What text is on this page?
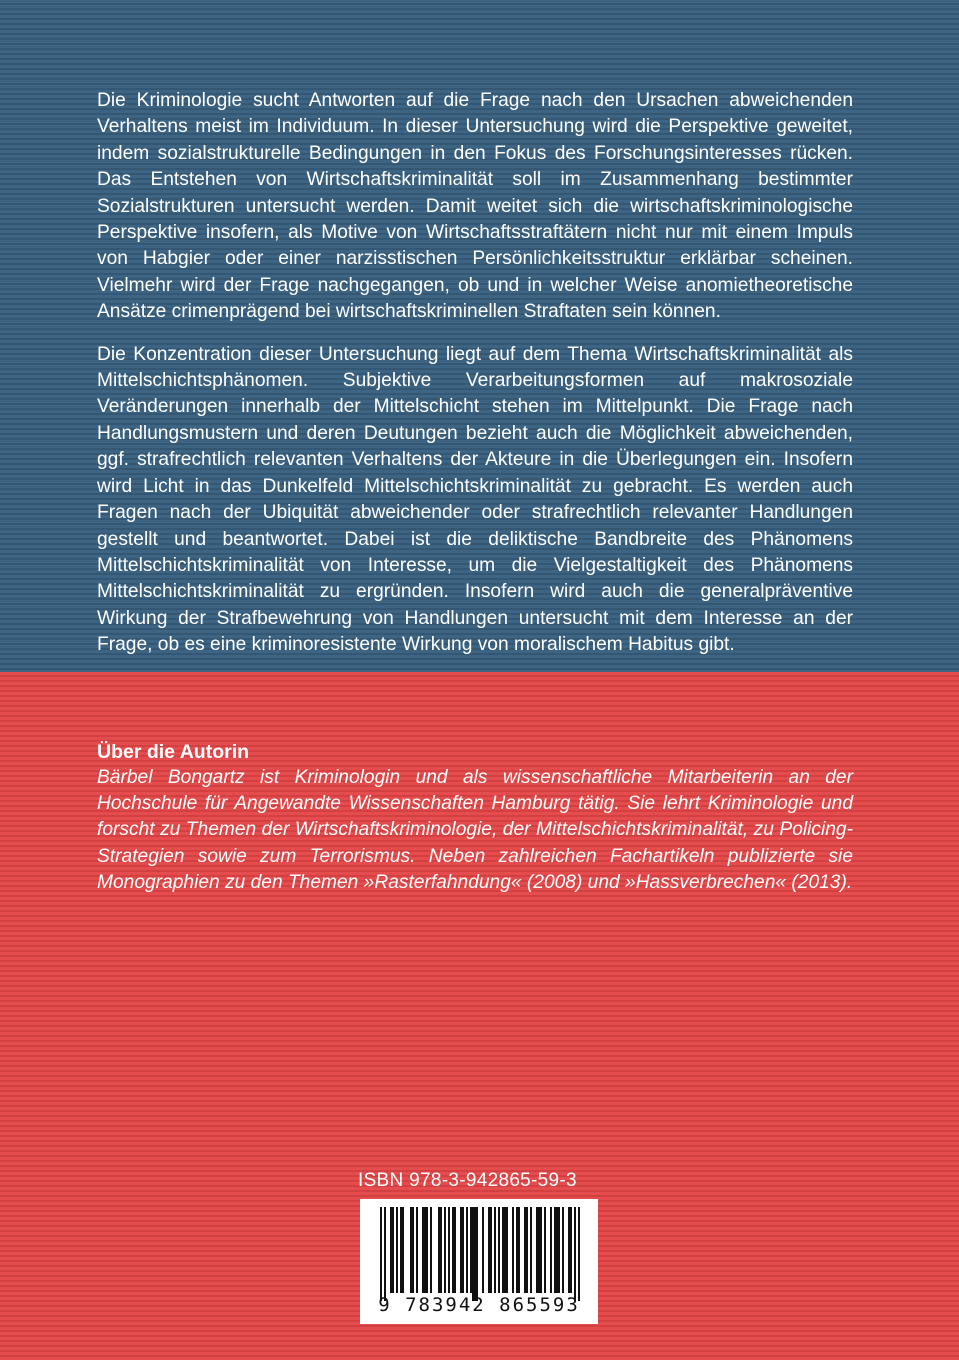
Die Kriminologie sucht Antworten auf die Frage nach den Ursachen abweichenden Verhaltens meist im Individuum. In dieser Untersuchung wird die Perspektive geweitet, indem sozialstrukturelle Bedingungen in den Fokus des Forschungsinteresses rücken. Das Entstehen von Wirtschaftskriminalität soll im Zusammenhang bestimmter Sozialstrukturen untersucht werden. Damit weitet sich die wirtschaftskriminologische Perspektive insofern, als Motive von Wirtschaftsstraftätern nicht nur mit einem Impuls von Habgier oder einer narzisstischen Persönlichkeitsstruktur erklärbar scheinen. Vielmehr wird der Frage nachgegangen, ob und in welcher Weise anomietheoretische Ansätze crimenprägend bei wirtschaftskriminellen Straftaten sein können.

Die Konzentration dieser Untersuchung liegt auf dem Thema Wirtschaftskriminalität als Mittelschichtsphänomen. Subjektive Verarbeitungsformen auf makrosoziale Veränderungen innerhalb der Mittelschicht stehen im Mittelpunkt. Die Frage nach Handlungsmustern und deren Deutungen bezieht auch die Möglichkeit abweichenden, ggf. strafrechtlich relevanten Verhaltens der Akteure in die Überlegungen ein. Insofern wird Licht in das Dunkelfeld Mittelschichtskriminalität zu gebracht. Es werden auch Fragen nach der Ubiquität abweichender oder strafrechtlich relevanter Handlungen gestellt und beantwortet. Dabei ist die deliktische Bandbreite des Phänomens Mittelschichtskriminalität von Interesse, um die Vielgestaltigkeit des Phänomens Mittelschichtskriminalität zu ergründen. Insofern wird auch die generalpräventive Wirkung der Strafbewehrung von Handlungen untersucht mit dem Interesse an der Frage, ob es eine kriminoresistente Wirkung von moralischem Habitus gibt.

Über die Autorin

Bärbel Bongartz ist Kriminologin und als wissenschaftliche Mitarbeiterin an der Hochschule für Angewandte Wissenschaften Hamburg tätig. Sie lehrt Kriminologie und forscht zu Themen der Wirtschaftskriminologie, der Mittelschichtskriminalität, zu Policing-Strategien sowie zum Terrorismus. Neben zahlreichen Fachartikeln publizierte sie Monographien zu den Themen »Rasterfahndung« (2008) und »Hassverbrechen« (2013).

ISBN 978-3-942865-59-3
9 783942 865593
